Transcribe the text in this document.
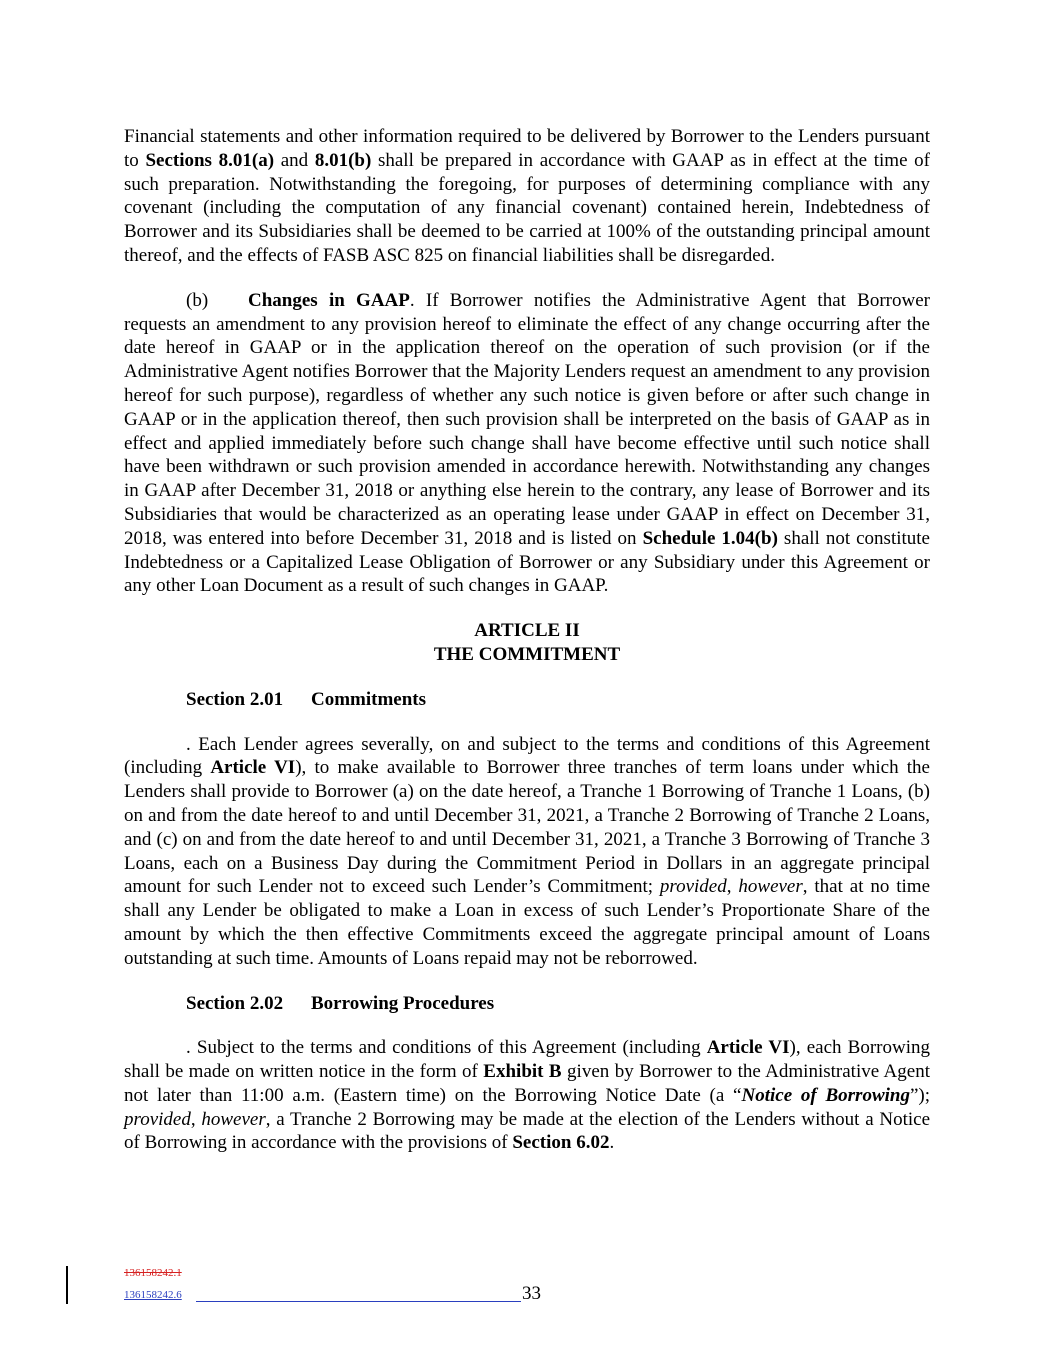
Financial statements and other information required to be delivered by Borrower to the Lenders pursuant to Sections 8.01(a) and 8.01(b) shall be prepared in accordance with GAAP as in effect at the time of such preparation. Notwithstanding the foregoing, for purposes of determining compliance with any covenant (including the computation of any financial covenant) contained herein, Indebtedness of Borrower and its Subsidiaries shall be deemed to be carried at 100% of the outstanding principal amount thereof, and the effects of FASB ASC 825 on financial liabilities shall be disregarded.

(b) Changes in GAAP. If Borrower notifies the Administrative Agent that Borrower requests an amendment to any provision hereof to eliminate the effect of any change occurring after the date hereof in GAAP or in the application thereof on the operation of such provision (or if the Administrative Agent notifies Borrower that the Majority Lenders request an amendment to any provision hereof for such purpose), regardless of whether any such notice is given before or after such change in GAAP or in the application thereof, then such provision shall be interpreted on the basis of GAAP as in effect and applied immediately before such change shall have become effective until such notice shall have been withdrawn or such provision amended in accordance herewith. Notwithstanding any changes in GAAP after December 31, 2018 or anything else herein to the contrary, any lease of Borrower and its Subsidiaries that would be characterized as an operating lease under GAAP in effect on December 31, 2018, was entered into before December 31, 2018 and is listed on Schedule 1.04(b) shall not constitute Indebtedness or a Capitalized Lease Obligation of Borrower or any Subsidiary under this Agreement or any other Loan Document as a result of such changes in GAAP.

ARTICLE II

THE COMMITMENT

Section 2.01 Commitments

. Each Lender agrees severally, on and subject to the terms and conditions of this Agreement (including Article VI), to make available to Borrower three tranches of term loans under which the Lenders shall provide to Borrower (a) on the date hereof, a Tranche 1 Borrowing of Tranche 1 Loans, (b) on and from the date hereof to and until December 31, 2021, a Tranche 2 Borrowing of Tranche 2 Loans, and (c) on and from the date hereof to and until December 31, 2021, a Tranche 3 Borrowing of Tranche 3 Loans, each on a Business Day during the Commitment Period in Dollars in an aggregate principal amount for such Lender not to exceed such Lender’s Commitment; provided, however, that at no time shall any Lender be obligated to make a Loan in excess of such Lender’s Proportionate Share of the amount by which the then effective Commitments exceed the aggregate principal amount of Loans outstanding at such time. Amounts of Loans repaid may not be reborrowed.

Section 2.02 Borrowing Procedures

. Subject to the terms and conditions of this Agreement (including Article VI), each Borrowing shall be made on written notice in the form of Exhibit B given by Borrower to the Administrative Agent not later than 11:00 a.m. (Eastern time) on the Borrowing Notice Date (a “Notice of Borrowing”); provided, however, a Tranche 2 Borrowing may be made at the election of the Lenders without a Notice of Borrowing in accordance with the provisions of Section 6.02.

136158242.1
136158242.6	33
